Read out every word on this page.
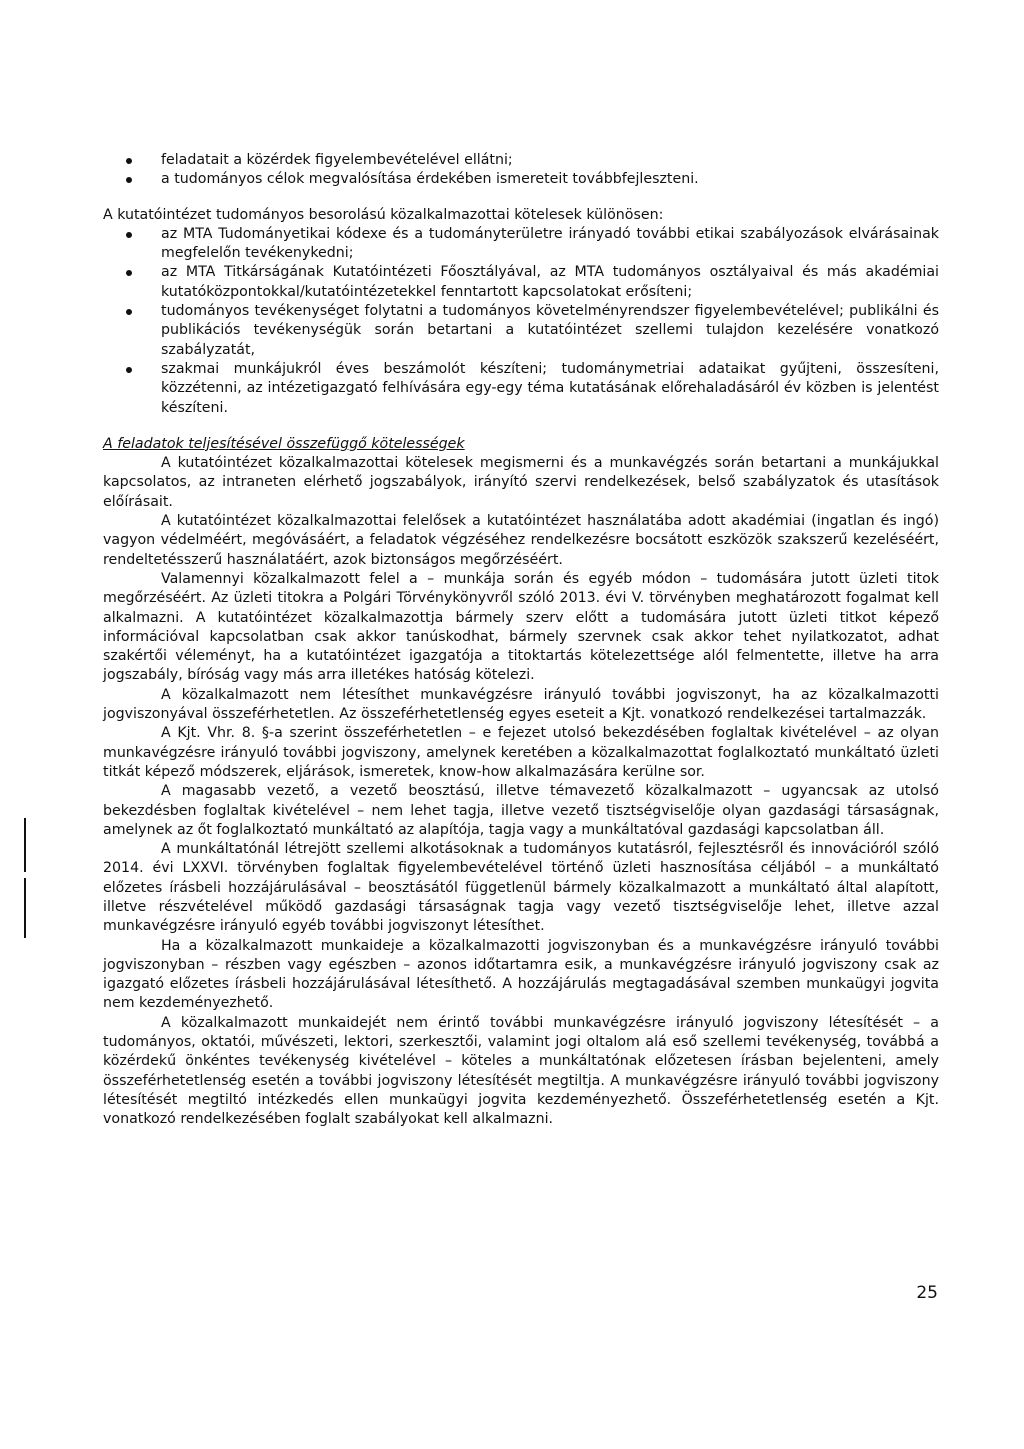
feladatait a közérdek figyelembevételével ellátni;
a tudományos célok megvalósítása érdekében ismereteit továbbfejleszteni.

A kutatóintézet tudományos besorolású közalkalmazottai kötelesek különösen:

az MTA Tudományetikai kódexe és a tudományterületre irányadó további etikai szabályozások elvárásainak megfelelőn tevékenykedni;
az MTA Titkárságának Kutatóintézeti Főosztályával, az MTA tudományos osztályaival és más akadémiai kutatóközpontokkal/kutatóintézetekkel fenntartott kapcsolatokat erősíteni;
tudományos tevékenységet folytatni a tudományos követelményrendszer figyelembevételével; publikálni és publikációs tevékenységük során betartani a kutatóintézet szellemi tulajdon kezelésére vonatkozó szabályzatát,
szakmai munkájukról éves beszámolót készíteni; tudománymetriai adataikat gyűjteni, összesíteni, közzétenni, az intézetigazgató felhívására egy-egy téma kutatásának előrehaladásáról év közben is jelentést készíteni.
A feladatok teljesítésével összefüggő kötelességek

A kutatóintézet közalkalmazottai kötelesek megismerni és a munkavégzés során betartani a munkájukkal kapcsolatos, az intraneten elérhető jogszabályok, irányító szervi rendelkezések, belső szabályzatok és utasítások előírásait.

A kutatóintézet közalkalmazottai felelősek a kutatóintézet használatába adott akadémiai (ingatlan és ingó) vagyon védelméért, megóvásáért, a feladatok végzéséhez rendelkezésre bocsátott eszközök szakszerű kezeléséért, rendeltetésszerű használatáért, azok biztonságos megőrzéséért.

Valamennyi közalkalmazott felel a – munkája során és egyéb módon – tudomására jutott üzleti titok megőrzéséért. Az üzleti titokra a Polgári Törvénykönyvről szóló 2013. évi V. törvényben meghatározott fogalmat kell alkalmazni. A kutatóintézet közalkalmazottja bármely szerv előtt a tudomására jutott üzleti titkot képező információval kapcsolatban csak akkor tanúskodhat, bármely szervnek csak akkor tehet nyilatkozatot, adhat szakértői véleményt, ha a kutatóintézet igazgatója a titoktartás kötelezettsége alól felmentette, illetve ha arra jogszabály, bíróság vagy más arra illetékes hatóság kötelezi.

A közalkalmazott nem létesíthet munkavégzésre irányuló további jogviszonyt, ha az közalkalmazotti jogviszonyával összeférhetetlen. Az összeférhetetlenség egyes eseteit a Kjt. vonatkozó rendelkezései tartalmazzák.

A Kjt. Vhr. 8. §-a szerint összeférhetetlen – e fejezet utolsó bekezdésében foglaltak kivételével – az olyan munkavégzésre irányuló további jogviszony, amelynek keretében a közalkalmazottat foglalkoztató munkáltató üzleti titkát képező módszerek, eljárások, ismeretek, know-how alkalmazására kerülne sor.

A magasabb vezető, a vezető beosztású, illetve témavezető közalkalmazott – ugyancsak az utolsó bekezdésben foglaltak kivételével – nem lehet tagja, illetve vezető tisztségviselője olyan gazdasági társaságnak, amelynek az őt foglalkoztató munkáltató az alapítója, tagja vagy a munkáltatóval gazdasági kapcsolatban áll.

A munkáltatónál létrejött szellemi alkotásoknak a tudományos kutatásról, fejlesztésről és innovációról szóló 2014. évi LXXVI. törvényben foglaltak figyelembevételével történő üzleti hasznosítása céljából – a munkáltató előzetes írásbeli hozzájárulásával – beosztásától függetlenül bármely közalkalmazott a munkáltató által alapított, illetve részvételével működő gazdasági társaságnak tagja vagy vezető tisztségviselője lehet, illetve azzal munkavégzésre irányuló egyéb további jogviszonyt létesíthet.

Ha a közalkalmazott munkaideje a közalkalmazotti jogviszonyban és a munkavégzésre irányuló további jogviszonyban – részben vagy egészben – azonos időtartamra esik, a munkavégzésre irányuló jogviszony csak az igazgató előzetes írásbeli hozzájárulásával létesíthető. A hozzájárulás megtagadásával szemben munkaügyi jogvita nem kezdeményezhető.

A közalkalmazott munkaidejét nem érintő további munkavégzésre irányuló jogviszony létesítését – a tudományos, oktatói, művészeti, lektori, szerkesztői, valamint jogi oltalom alá eső szellemi tevékenység, továbbá a közérdekű önkéntes tevékenység kivételével – köteles a munkáltatónak előzetesen írásban bejelenteni, amely összeférhetetlenség esetén a további jogviszony létesítését megtiltja. A munkavégzésre irányuló további jogviszony létesítését megtiltó intézkedés ellen munkaügyi jogvita kezdeményezhető. Összeférhetetlenség esetén a Kjt. vonatkozó rendelkezésében foglalt szabályokat kell alkalmazni.

25
